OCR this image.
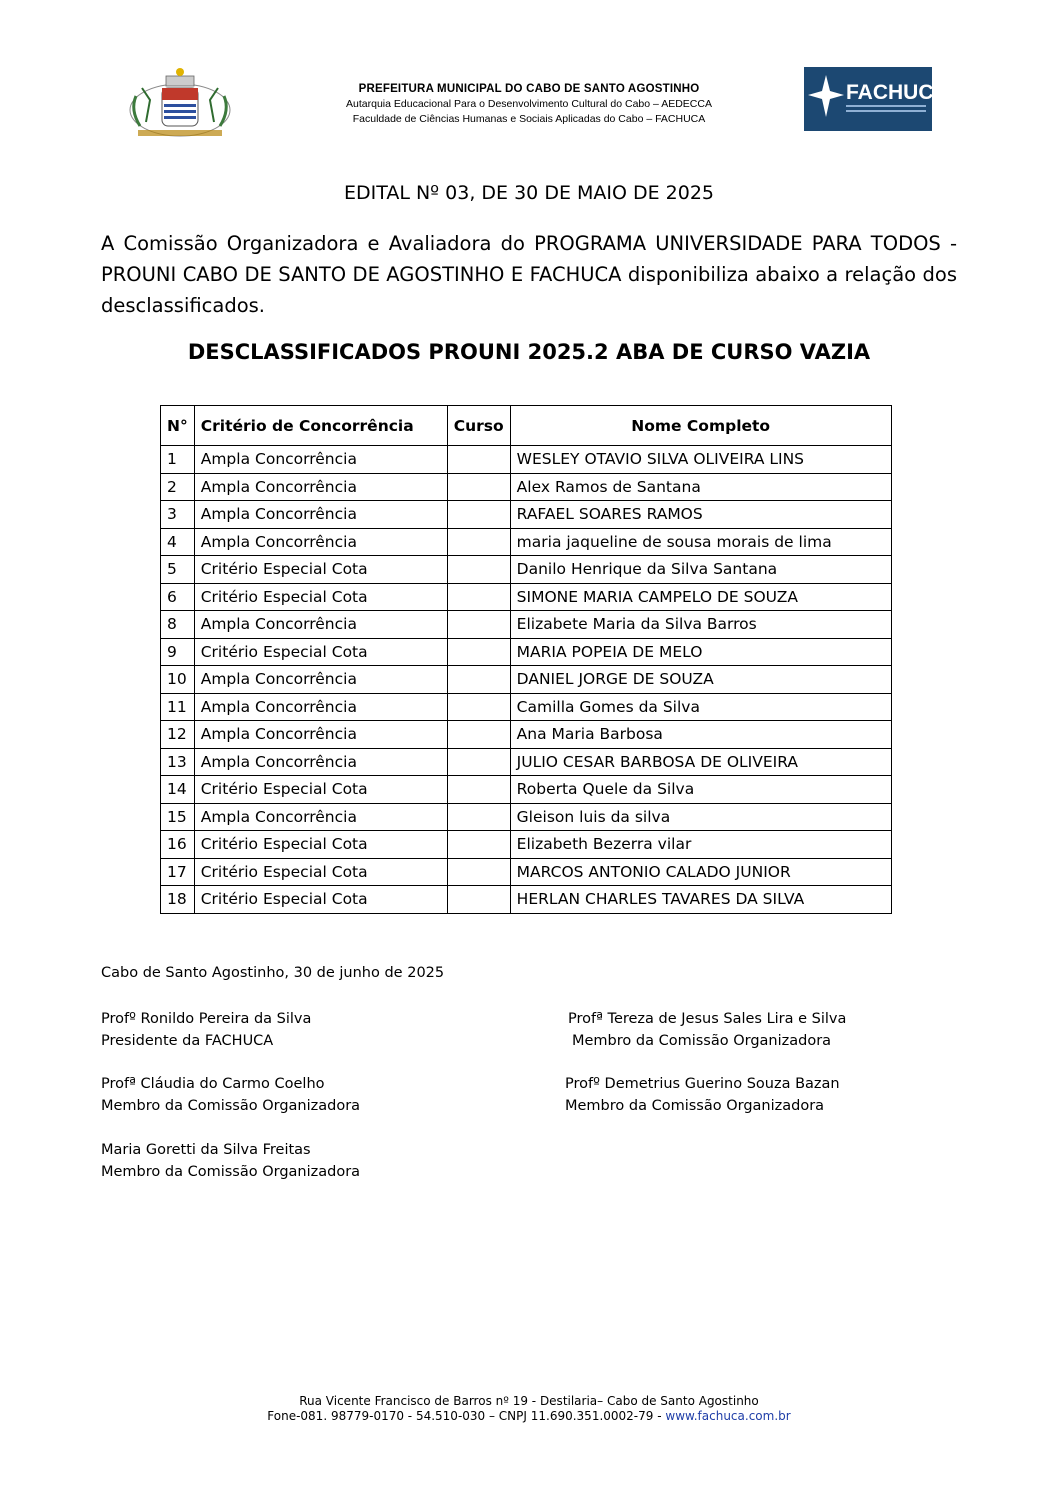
PREFEITURA MUNICIPAL DO CABO DE SANTO AGOSTINHO
Autarquia Educacional Para o Desenvolvimento Cultural do Cabo – AEDECCA
Faculdade de Ciências Humanas e Sociais Aplicadas do Cabo – FACHUCA
FACHUCA
EDITAL Nº 03, DE 30 DE MAIO DE 2025
A Comissão Organizadora e Avaliadora do PROGRAMA UNIVERSIDADE PARA TODOS - PROUNI CABO DE SANTO DE AGOSTINHO E FACHUCA disponibiliza abaixo a relação dos desclassificados.
DESCLASSIFICADOS PROUNI 2025.2 ABA DE CURSO VAZIA
N°	Critério de Concorrência	Curso	Nome Completo
1	Ampla Concorrência		WESLEY OTAVIO SILVA OLIVEIRA LINS
2	Ampla Concorrência		Alex Ramos de Santana
3	Ampla Concorrência		RAFAEL SOARES RAMOS
4	Ampla Concorrência		maria jaqueline de sousa morais de lima
5	Critério Especial Cota		Danilo Henrique da Silva Santana
6	Critério Especial Cota		SIMONE MARIA CAMPELO DE SOUZA
8	Ampla Concorrência		Elizabete Maria da Silva Barros
9	Critério Especial Cota		MARIA POPEIA DE MELO
10	Ampla Concorrência		DANIEL JORGE DE SOUZA
11	Ampla Concorrência		Camilla Gomes da Silva
12	Ampla Concorrência		Ana Maria Barbosa
13	Ampla Concorrência		JULIO CESAR BARBOSA DE OLIVEIRA
14	Critério Especial Cota		Roberta Quele da Silva
15	Ampla Concorrência		Gleison luis da silva
16	Critério Especial Cota		Elizabeth Bezerra vilar
17	Critério Especial Cota		MARCOS ANTONIO CALADO JUNIOR
18	Critério Especial Cota		HERLAN CHARLES TAVARES DA SILVA
Cabo de Santo Agostinho, 30 de junho de 2025
Profº Ronildo Pereira da Silva
Presidente da FACHUCA
Profª Tereza de Jesus Sales Lira e Silva
Membro da Comissão Organizadora
Profª Cláudia do Carmo Coelho
Membro da Comissão Organizadora
Profº Demetrius Guerino Souza Bazan
Membro da Comissão Organizadora
Maria Goretti da Silva Freitas
Membro da Comissão Organizadora
Rua Vicente Francisco de Barros nº 19 - Destilaria– Cabo de Santo Agostinho
Fone-081. 98779-0170 - 54.510-030 – CNPJ 11.690.351.0002-79 - www.fachuca.com.br
